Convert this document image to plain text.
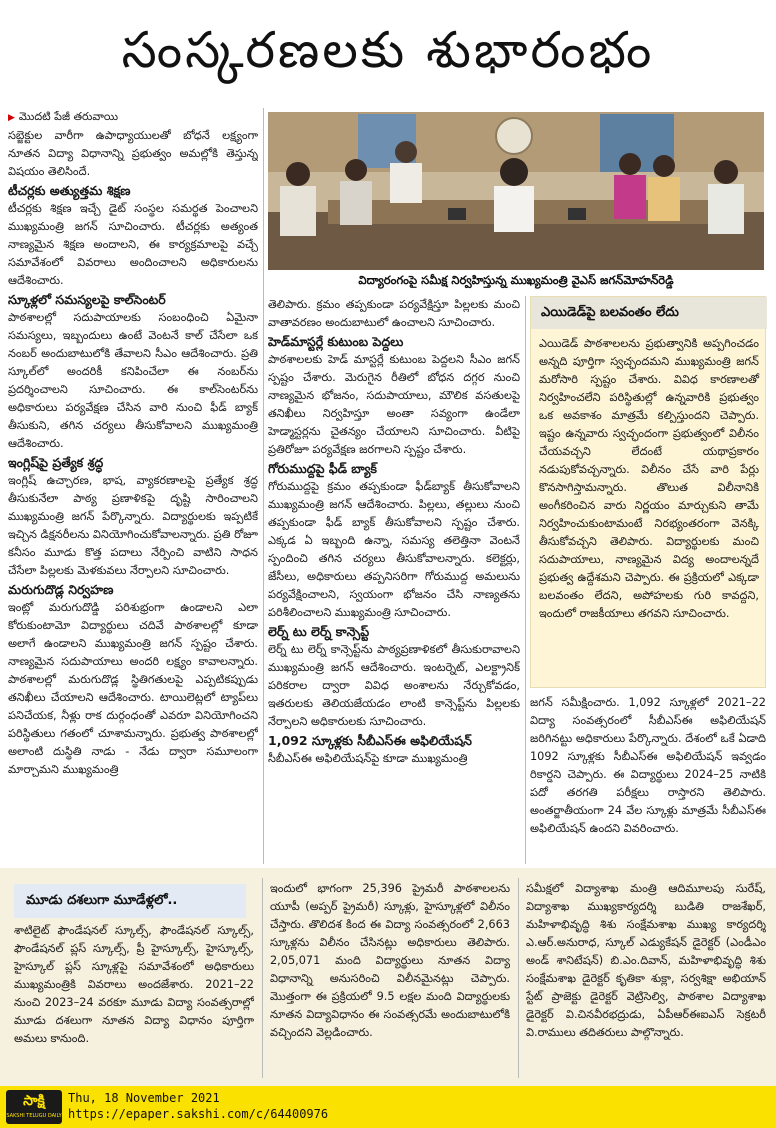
సంస్కరణలకు శుభారంభం

▶ మొదటి పేజీ తరువాయి

సబ్జెక్టుల వారీగా ఉపాధ్యాయులతో బోధనే లక్ష్యంగా నూతన విద్యా విధానాన్ని ప్రభుత్వం అమల్లోకి తెస్తున్న విషయం తెలిసిందే.

టీచర్లకు అత్యుత్తమ శిక్షణ

టీచర్లకు శిక్షణ ఇచ్చే డైట్ సంస్థల సమర్థత పెంచాలని ముఖ్యమంత్రి జగన్ సూచించారు. టీచర్లకు అత్యంత నాణ్యమైన శిక్షణ అందాలని, ఈ కార్యక్రమాలపై వచ్చే సమావేశంలో వివరాలు అందించాలని అధికారులను ఆదేశించారు.

స్కూళ్లలో సమస్యలపై కాల్‌సెంటర్

పాఠశాలల్లో సదుపాయాలకు సంబంధించి ఏమైనా సమస్యలు, ఇబ్బందులు ఉంటే వెంటనే కాల్ చేసేలా ఒక నంబర్ అందుబాటులోకి తేవాలని సీఎం ఆదేశించారు. ప్రతి స్కూల్‌లో అందరికీ కనిపించేలా ఈ నంబర్‌ను ప్రదర్శించాలని సూచించారు. ఈ కాల్‌సెంటర్‌ను అధికారులు పర్యవేక్షణ చేసిన వారి నుంచి ఫీడ్ బ్యాక్ తీసుకుని, తగిన చర్యలు తీసుకోవాలని ముఖ్యమంత్రి ఆదేశించారు.

ఇంగ్లిష్‌పై ప్రత్యేక శ్రద్ధ

ఇంగ్లిష్ ఉచ్చారణ, భాష, వ్యాకరణాలపై ప్రత్యేక శ్రద్ధ తీసుకునేలా పాఠ్య ప్రణాళికపై దృష్టి సారించాలని ముఖ్యమంత్రి జగన్ పేర్కొన్నారు. విద్యార్థులకు ఇప్పటికే ఇచ్చిన డిక్షనరీలను వినియోగించుకోవాలన్నారు. ప్రతి రోజూ కనీసం మూడు కొత్త పదాలు నేర్పించి వాటిని సాధన చేసేలా పిల్లలకు మెళకువలు నేర్పాలని సూచించారు.

మరుగుదొడ్ల నిర్వహణ

ఇంట్లో మరుగుదొడ్డి పరిశుభ్రంగా ఉండాలని ఎలా కోరుకుంటామో విద్యార్థులు చదివే పాఠశాలల్లో కూడా అలాగే ఉండాలని ముఖ్యమంత్రి జగన్ స్పష్టం చేశారు. నాణ్యమైన సదుపాయాలు అందరి లక్ష్యం కావాలన్నారు. పాఠశాలల్లో మరుగుదొడ్ల స్థితిగతులపై ఎప్పటికప్పుడు తనిఖీలు చేయాలని ఆదేశించారు. టాయిలెట్లలో ట్యాప్‌లు పనిచేయక, నీళ్లు రాక దుర్గంధంతో ఎవరూ వినియోగించని పరిస్థితులు గతంలో చూశామన్నారు. ప్రభుత్వ పాఠశాలల్లో అలాంటి దుస్థితి నాడు - నేడు ద్వారా సమూలంగా మార్చామని ముఖ్యమంత్రి

విద్యారంగంపై సమీక్ష నిర్వహిస్తున్న ముఖ్యమంత్రి వైఎస్ జగన్‌మోహన్‌రెడ్డి

తెలిపారు. క్రమం తప్పకుండా పర్యవేక్షిస్తూ పిల్లలకు మంచి వాతావరణం అందుబాటులో ఉంచాలని సూచించారు.

హెడ్‌మాస్టర్లే కుటుంబ పెద్దలు

పాఠశాలలకు హెడ్ మాస్టర్లే కుటుంబ పెద్దలని సీఎం జగన్ స్పష్టం చేశారు. మెరుగైన రీతిలో బోధన దగ్గర నుంచి నాణ్యమైన భోజనం, సదుపాయాలు, మౌలిక వసతులపై తనిఖీలు నిర్వహిస్తూ అంతా సవ్యంగా ఉండేలా హెడ్మాస్టర్లను చైతన్యం చేయాలని సూచించారు. వీటిపై ప్రతిరోజూ పర్యవేక్షణ జరగాలని స్పష్టం చేశారు.

గోరుముద్దపై ఫీడ్ బ్యాక్

గోరుముద్దపై క్రమం తప్పకుండా ఫీడ్‌బ్యాక్ తీసుకోవాలని ముఖ్యమంత్రి జగన్ ఆదేశించారు. పిల్లలు, తల్లులు నుంచి తప్పకుండా ఫీడ్ బ్యాక్ తీసుకోవాలని స్పష్టం చేశారు. ఎక్కడ ఏ ఇబ్బంది ఉన్నా, సమస్య తలెత్తినా వెంటనే స్పందించి తగిన చర్యలు తీసుకోవాలన్నారు. కలెక్టర్లు, జేసీలు, అధికారులు తప్పనిసరిగా గోరుముద్ద అమలును పర్యవేక్షించాలని, స్వయంగా భోజనం చేసి నాణ్యతను పరిశీలించాలని ముఖ్యమంత్రి సూచించారు.

లెర్న్ టు లెర్న్ కాన్సెప్ట్

లెర్న్ టు లెర్న్ కాన్సెప్ట్‌ను పాఠ్యప్రణాళికలో తీసుకురావాలని ముఖ్యమంత్రి జగన్ ఆదేశించారు. ఇంటర్నెట్, ఎలక్ట్రానిక్ పరికరాల ద్వారా వివిధ అంశాలను నేర్చుకోవడం, ఇతరులకు తెలియజేయడం లాంటి కాన్సెప్ట్‌ను పిల్లలకు నేర్పాలని అధికారులకు సూచించారు.

1,092 స్కూళ్లకు సీబీఎస్‌ఈ అఫిలియేషన్

సీబీఎస్‌ఈ అఫిలియేషన్‌పై కూడా ముఖ్యమంత్రి

ఎయిడెడ్‌పై బలవంతం లేదు
ఎయిడెడ్ పాఠశాలలను ప్రభుత్వానికి అప్పగించడం అన్నది పూర్తిగా స్వచ్ఛందమని ముఖ్యమంత్రి జగన్ మరోసారి స్పష్టం చేశారు. వివిధ కారణాలతో నిర్వహించలేని పరిస్థితుల్లో ఉన్నవారికి ప్రభుత్వం ఒక అవకాశం మాత్రమే కల్పిస్తుందని చెప్పారు. ఇష్టం ఉన్నవారు స్వచ్ఛందంగా ప్రభుత్వంలో విలీనం చేయవచ్చని లేదంటే యథాప్రకారం నడుపుకోవచ్చన్నారు. విలీనం చేసే వారి పేర్లు కొనసాగిస్తామన్నారు. తొలుత విలీనానికి అంగీకరించిన వారు నిర్ణయం మార్చుకుని తామే నిర్వహించుకుంటామంటే నిరభ్యంతరంగా వెనక్కి తీసుకోవచ్చని తెలిపారు. విద్యార్థులకు మంచి సదుపాయాలు, నాణ్యమైన విద్య అందాలన్నదే ప్రభుత్వ ఉద్దేశమని చెప్పారు. ఈ ప్రక్రియలో ఎక్కడా బలవంతం లేదని, అపోహలకు గురి కావద్దని, ఇందులో రాజకీయాలు తగవని సూచించారు.

జగన్ సమీక్షించారు. 1,092 స్కూళ్లలో 2021–22 విద్యా సంవత్సరంలో సీబీఎస్‌ఈ అఫిలియేషన్ జరిగినట్టు అధికారులు పేర్కొన్నారు. దేశంలో ఒకే ఏడాది 1092 స్కూళ్లకు సీబీఎస్‌ఈ అఫిలియేషన్ ఇవ్వడం రికార్డని చెప్పారు. ఈ విద్యార్థులు 2024–25 నాటికి పదో తరగతి పరీక్షలు రాస్తారని తెలిపారు. అంతర్జాతీయంగా 24 వేల స్కూళ్లు మాత్రమే సీబీఎస్‌ఈ అఫిలియేషన్ ఉందని వివరించారు.

మూడు దశలుగా మూడేళ్లలో..

శాటిలైట్ ఫౌండేషనల్ స్కూల్స్, ఫౌండేషనల్ స్కూల్స్, ఫౌండేషనల్ ప్లస్ స్కూల్స్, ప్రీ హైస్కూల్స్, హైస్కూల్స్, హైస్కూల్ ప్లస్ స్కూళ్లపై సమావేశంలో అధికారులు ముఖ్యమంత్రికి వివరాలు అందజేశారు. 2021–22 నుంచి 2023–24 వరకూ మూడు విద్యా సంవత్సరాల్లో మూడు దశలుగా నూతన విద్యా విధానం పూర్తిగా అమలు కానుంది.

ఇందులో భాగంగా 25,396 ప్రైమరీ పాఠశాలలను యూపీ (అప్పర్ ప్రైమరీ) స్కూళ్లు, హైస్కూళ్లలో విలీనం చేస్తారు. తొలిదశ కింద ఈ విద్యా సంవత్సరంలో 2,663 స్కూళ్లను విలీనం చేసినట్లు అధికారులు తెలిపారు. 2,05,071 మంది విద్యార్థులు నూతన విద్యా విధానాన్ని అనుసరించి విలీనమైనట్లు చెప్పారు. మొత్తంగా ఈ ప్రక్రియలో 9.5 లక్షల మంది విద్యార్థులకు నూతన విద్యావిధానం ఈ సంవత్సరమే అందుబాటులోకి వచ్చిందని వెల్లడించారు.

సమీక్షలో విద్యాశాఖ మంత్రి ఆదిమూలపు సురేష్, విద్యాశాఖ ముఖ్యకార్యదర్శి బుడితి రాజశేఖర్, మహిళాభివృద్ధి శిశు సంక్షేమశాఖ ముఖ్య కార్యదర్శి ఎ.ఆర్.అనురాధ, స్కూల్ ఎడ్యుకేషన్ డైరెక్టర్ (ఎండీఎం అండ్ శానిటేషన్) బి.ఎం.దివాన్, మహిళాభివృద్ధి శిశు సంక్షేమశాఖ డైరెక్టర్ కృతికా శుక్లా, సర్వశిక్షా అభియాన్ స్టేట్ ప్రాజెక్టు డైరెక్టర్ వెట్రిసెల్వి, పాఠశాల విద్యాశాఖ డైరెక్టర్ వి.చినవీరభద్రుడు, ఏపీఆర్‌ఈఐఎస్ సెక్రటరీ వి.రాములు తదితరులు పాల్గొన్నారు.

సాక్షి
SAKSHI TELUGU DAILY
Thu, 18 November 2021
https://epaper.sakshi.com/c/64400976
